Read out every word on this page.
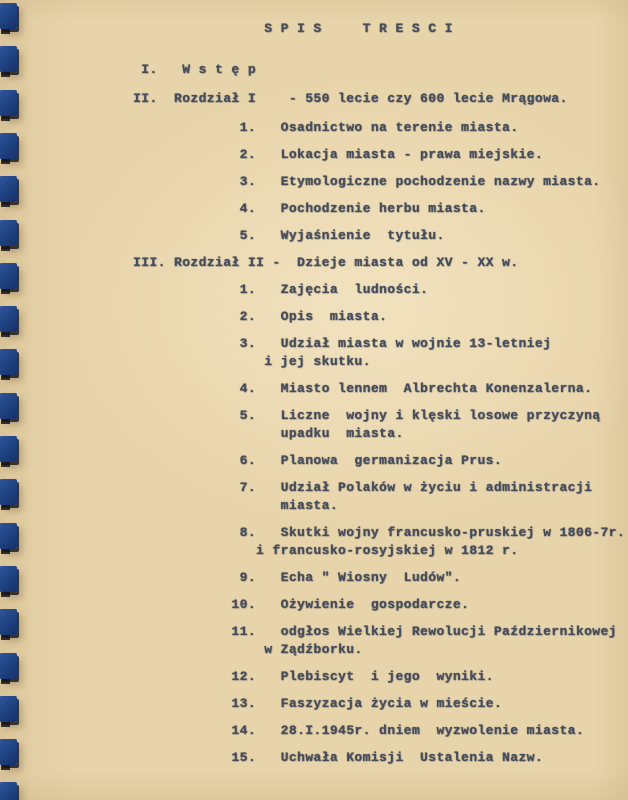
S P I S     T R E S C I
I.   W s t ę p
II.  Rozdział I    - 550 lecie czy 600 lecie Mrągowa.
1.   Osadnictwo na terenie miasta.
2.   Lokacja miasta - prawa miejskie.
3.   Etymologiczne pochodzenie nazwy miasta.
4.   Pochodzenie herbu miasta.
5.   Wyjaśnienie  tytułu.
III. Rozdział II -  Dzieje miasta od XV - XX w.
1.   Zajęcia  ludności.
2.   Opis  miasta.
3.   Udział miasta w wojnie 13-letniej
i jej skutku.
4.   Miasto lennem  Albrechta Konenzalerna.
5.   Liczne  wojny i klęski losowe przyczyną
upadku  miasta.
6.   Planowa  germanizacja Prus.
7.   Udział Polaków w życiu i administracji
miasta.
8.   Skutki wojny francusko-pruskiej w 1806-7r.
i francusko-rosyjskiej w 1812 r.
9.   Echa " Wiosny  Ludów".
10.   Ożywienie  gospodarcze.
11.   odgłos Wielkiej Rewolucji Październikowej
w Ządźborku.
12.   Plebiscyt  i jego  wyniki.
13.   Faszyzacja życia w mieście.
14.   28.I.1945r. dniem  wyzwolenie miasta.
15.   Uchwała Komisji  Ustalenia Nazw.
